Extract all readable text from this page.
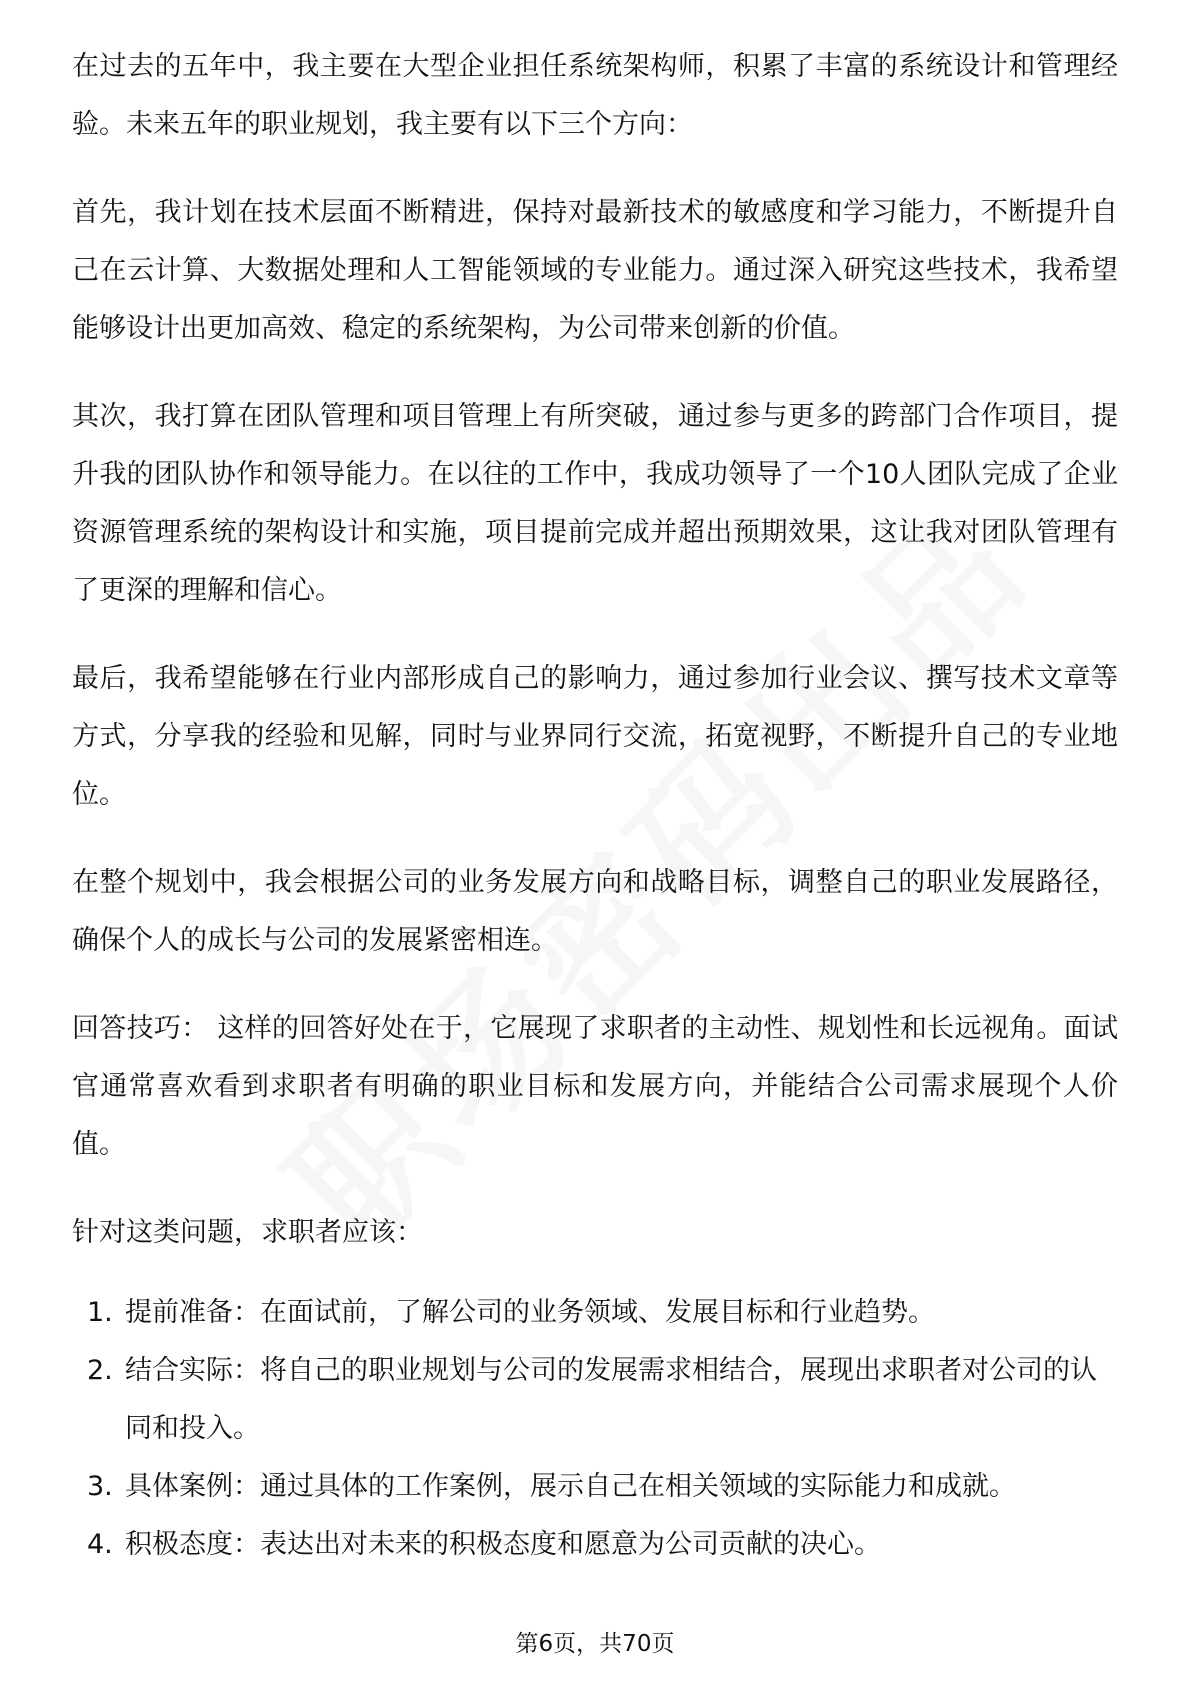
在过去的五年中，我主要在大型企业担任系统架构师，积累了丰富的系统设计和管理经验。未来五年的职业规划，我主要有以下三个方向：

首先，我计划在技术层面不断精进，保持对最新技术的敏感度和学习能力，不断提升自己在云计算、大数据处理和人工智能领域的专业能力。通过深入研究这些技术，我希望能够设计出更加高效、稳定的系统架构，为公司带来创新的价值。

其次，我打算在团队管理和项目管理上有所突破，通过参与更多的跨部门合作项目，提升我的团队协作和领导能力。在以往的工作中，我成功领导了一个10人团队完成了企业资源管理系统的架构设计和实施，项目提前完成并超出预期效果，这让我对团队管理有了更深的理解和信心。

最后，我希望能够在行业内部形成自己的影响力，通过参加行业会议、撰写技术文章等方式，分享我的经验和见解，同时与业界同行交流，拓宽视野，不断提升自己的专业地位。

在整个规划中，我会根据公司的业务发展方向和战略目标，调整自己的职业发展路径，确保个人的成长与公司的发展紧密相连。

回答技巧： 这样的回答好处在于，它展现了求职者的主动性、规划性和长远视角。面试官通常喜欢看到求职者有明确的职业目标和发展方向，并能结合公司需求展现个人价值。

针对这类问题，求职者应该：

1. 提前准备：在面试前，了解公司的业务领域、发展目标和行业趋势。
2. 结合实际：将自己的职业规划与公司的发展需求相结合，展现出求职者对公司的认同和投入。
3. 具体案例：通过具体的工作案例，展示自己在相关领域的实际能力和成就。
4. 积极态度：表达出对未来的积极态度和愿意为公司贡献的决心。
第6页，共70页
